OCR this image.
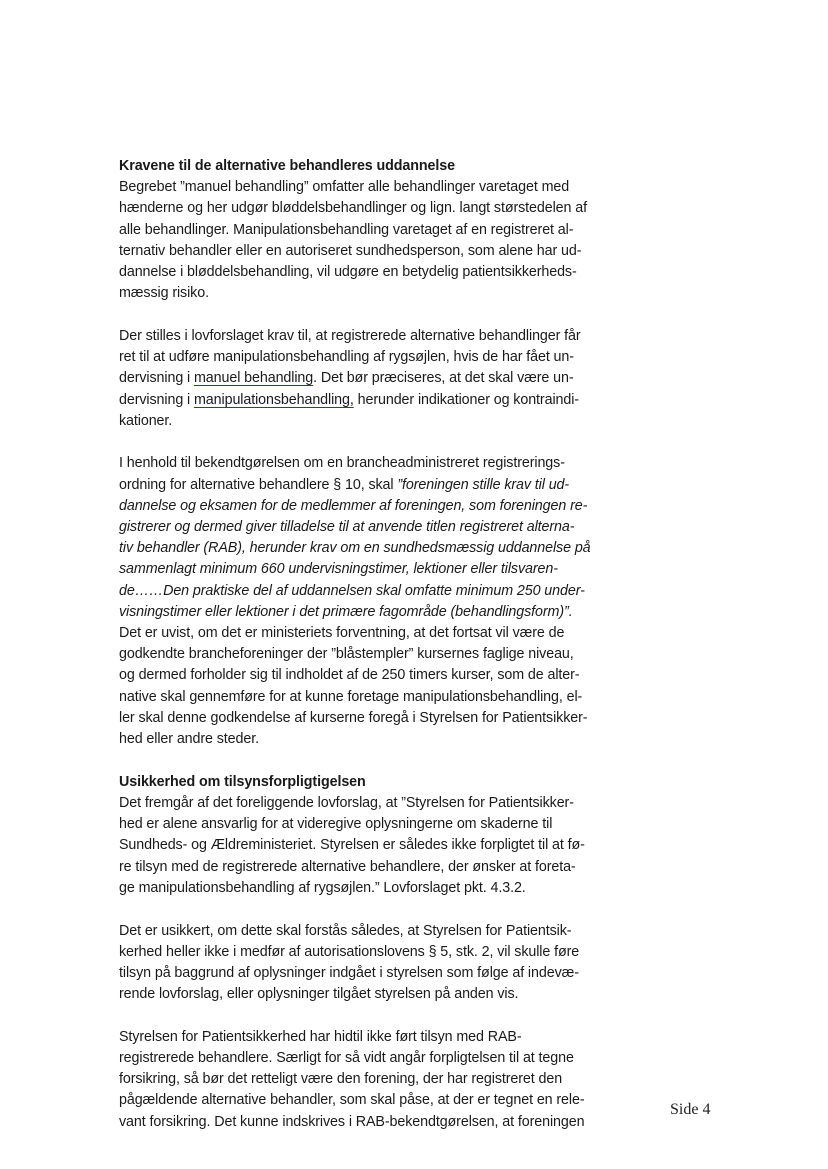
Kravene til de alternative behandleres uddannelse

Begrebet ”manuel behandling” omfatter alle behandlinger varetaget med
hænderne og her udgør bløddelsbehandlinger og lign. langt størstedelen af
alle behandlinger. Manipulationsbehandling varetaget af en registreret al-
ternativ behandler eller en autoriseret sundhedsperson, som alene har ud-
dannelse i bløddelsbehandling, vil udgøre en betydelig patientsikkerheds-
mæssig risiko.

Der stilles i lovforslaget krav til, at registrerede alternative behandlinger får
ret til at udføre manipulationsbehandling af rygsøjlen, hvis de har fået un-
dervisning i manuel behandling. Det bør præciseres, at det skal være un-
dervisning i manipulationsbehandling, herunder indikationer og kontraindi-
kationer.

I henhold til bekendtgørelsen om en brancheadministreret registrerings-
ordning for alternative behandlere § 10, skal ”foreningen stille krav til ud-
dannelse og eksamen for de medlemmer af foreningen, som foreningen re-
gistrerer og dermed giver tilladelse til at anvende titlen registreret alterna-
tiv behandler (RAB), herunder krav om en sundhedsmæssig uddannelse på
sammenlagt minimum 660 undervisningstimer, lektioner eller tilsvaren-
de……Den praktiske del af uddannelsen skal omfatte minimum 250 under-
visningstimer eller lektioner i det primære fagområde (behandlingsform)”.
Det er uvist, om det er ministeriets forventning, at det fortsat vil være de
godkendte brancheforeninger der ”blåstempler” kursernes faglige niveau,
og dermed forholder sig til indholdet af de 250 timers kurser, som de alter-
native skal gennemføre for at kunne foretage manipulationsbehandling, el-
ler skal denne godkendelse af kurserne foregå i Styrelsen for Patientsikker-
hed eller andre steder.

Usikkerhed om tilsynsforpligtigelsen

Det fremgår af det foreliggende lovforslag, at ”Styrelsen for Patientsikker-
hed er alene ansvarlig for at videregive oplysningerne om skaderne til
Sundheds- og Ældreministeriet. Styrelsen er således ikke forpligtet til at fø-
re tilsyn med de registrerede alternative behandlere, der ønsker at foreta-
ge manipulationsbehandling af rygsøjlen.” Lovforslaget pkt. 4.3.2.

Det er usikkert, om dette skal forstås således, at Styrelsen for Patientsik-
kerhed heller ikke i medfør af autorisationslovens § 5, stk. 2, vil skulle føre
tilsyn på baggrund af oplysninger indgået i styrelsen som følge af indevæ-
rende lovforslag, eller oplysninger tilgået styrelsen på anden vis.

Styrelsen for Patientsikkerhed har hidtil ikke ført tilsyn med RAB-
registrerede behandlere. Særligt for så vidt angår forpligtelsen til at tegne
forsikring, så bør det retteligt være den forening, der har registreret den
pågældende alternative behandler, som skal påse, at der er tegnet en rele-
vant forsikring. Det kunne indskrives i RAB-bekendtgørelsen, at foreningen

Side 4
